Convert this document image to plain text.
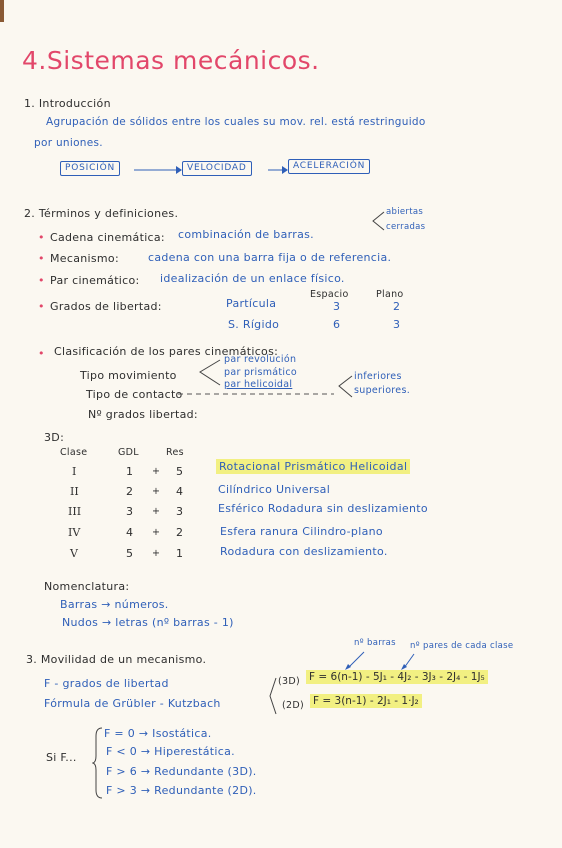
4.Sistemas mecánicos.
1. Introducción
Agrupación de sólidos entre los cuales su mov. rel. está restringuido
por uniones.
POSICIÓN	VELOCIDAD	ACELERACIÓN
2. Términos y definiciones.
• Cadena cinemática: combinación de barras.
abiertas
cerradas
• Mecanismo:	cadena con una barra fija o de referencia.
• Par cinemático: idealización de un enlace físico.
• Grados de libertad:
Espacio	Plano
Partícula	3	2
S. Rígido	6	3
• Clasificación de los pares cinemáticos:
Tipo movimiento
par revolución
par prismático
par helicoidal
Tipo de contacto
inferiores
superiores.
Nº grados libertad:
3D:
Clase	GDL	Res
I	1 + 5	Rotacional Prismático Helicoidal
II	2 + 4	Cilíndrico Universal
III	3 + 3	Esférico Rodadura sin deslizamiento
IV	4 + 2	Esfera ranura Cilindro-plano
V	5 + 1	Rodadura con deslizamiento.
Nomenclatura:
Barras → números.
Nudos → letras (nº barras - 1)
3. Movilidad de un mecanismo.
nº barras nº pares de cada clase
F - grados de libertad
Fórmula de Grübler - Kutzbach
(3D) F = 6(n-1) - 5J₁ - 4J₂ - 3J₃ - 2J₄ - 1J₅
(2D) F = 3(n-1) - 2J₁ - 1·J₂
Si F...
F = 0 → Isostática.
F < 0 → Hiperestática.
F > 6 → Redundante (3D).
F > 3 → Redundante (2D).
